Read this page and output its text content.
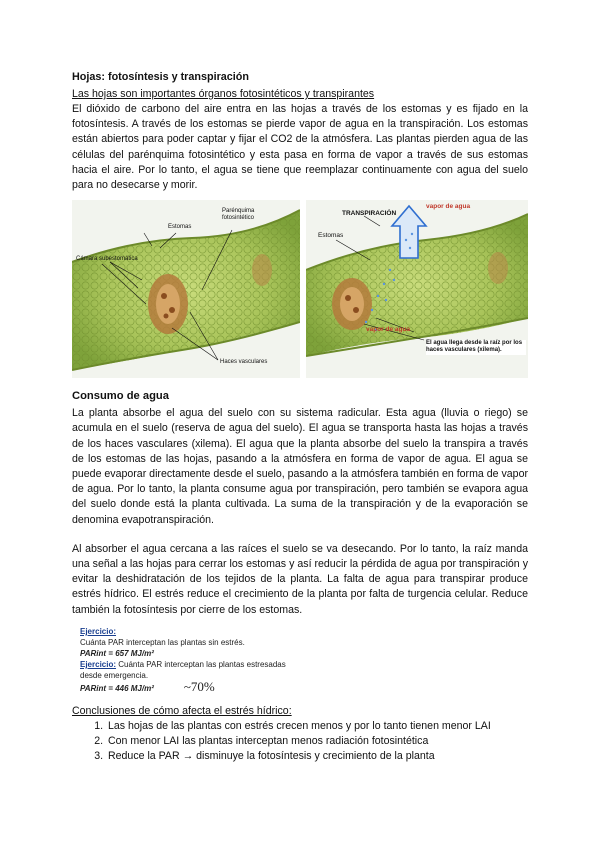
Hojas: fotosíntesis y transpiración
Las hojas son importantes órganos fotosintéticos y transpirantes

El dióxido de carbono del aire entra en las hojas a través de los estomas y es fijado en la fotosíntesis. A través de los estomas se pierde vapor de agua en la transpiración. Los estomas están abiertos para poder captar y fijar el CO2 de la atmósfera. Las plantas pierden agua de las células del parénquima fotosintético y esta pasa en forma de vapor a través de sus estomas hacia el aire. Por lo tanto, el agua se tiene que reemplazar continuamente con agua del suelo para no desecarse y morir.

Estomas
Parénquima fotosintético
Cámara subestomática
Haces vasculares
TRANSPIRACIÓN
vapor de agua
Estomas
vapor de agua
El agua llega desde la raíz por los haces vasculares (xilema).
Consumo de agua

La planta absorbe el agua del suelo con su sistema radicular. Esta agua (lluvia o riego) se acumula en el suelo (reserva de agua del suelo). El agua se transporta hasta las hojas a través de los haces vasculares (xilema). El agua que la planta absorbe del suelo la transpira a través de los estomas de las hojas, pasando a la atmósfera en forma de vapor de agua. El agua se puede evaporar directamente desde el suelo, pasando a la atmósfera también en forma de vapor de agua. Por lo tanto, la planta consume agua por transpiración, pero también se evapora agua del suelo donde está la planta cultivada. La suma de la transpiración y de la evaporación se denomina evapotranspiración.

Al absorber el agua cercana a las raíces el suelo se va desecando. Por lo tanto, la raíz manda una señal a las hojas para cerrar los estomas y así reducir la pérdida de agua por transpiración y evitar la deshidratación de los tejidos de la planta. La falta de agua para transpirar produce estrés hídrico. El estrés reduce el crecimiento de la planta por falta de turgencia celular. Reduce también la fotosíntesis por cierre de los estomas.

Ejercicio:
Cuánta PAR interceptan las plantas sin estrés.
PARint = 657 MJ/m²
Ejercicio: Cuánta PAR interceptan las plantas estresadas
desde emergencia.
PARint = 446 MJ/m² ~70%
Conclusiones de cómo afecta el estrés hídrico:
1. Las hojas de las plantas con estrés crecen menos y por lo tanto tienen menor LAI
2. Con menor LAI las plantas interceptan menos radiación fotosintética
3. Reduce la PAR → disminuye la fotosíntesis y crecimiento de la planta
